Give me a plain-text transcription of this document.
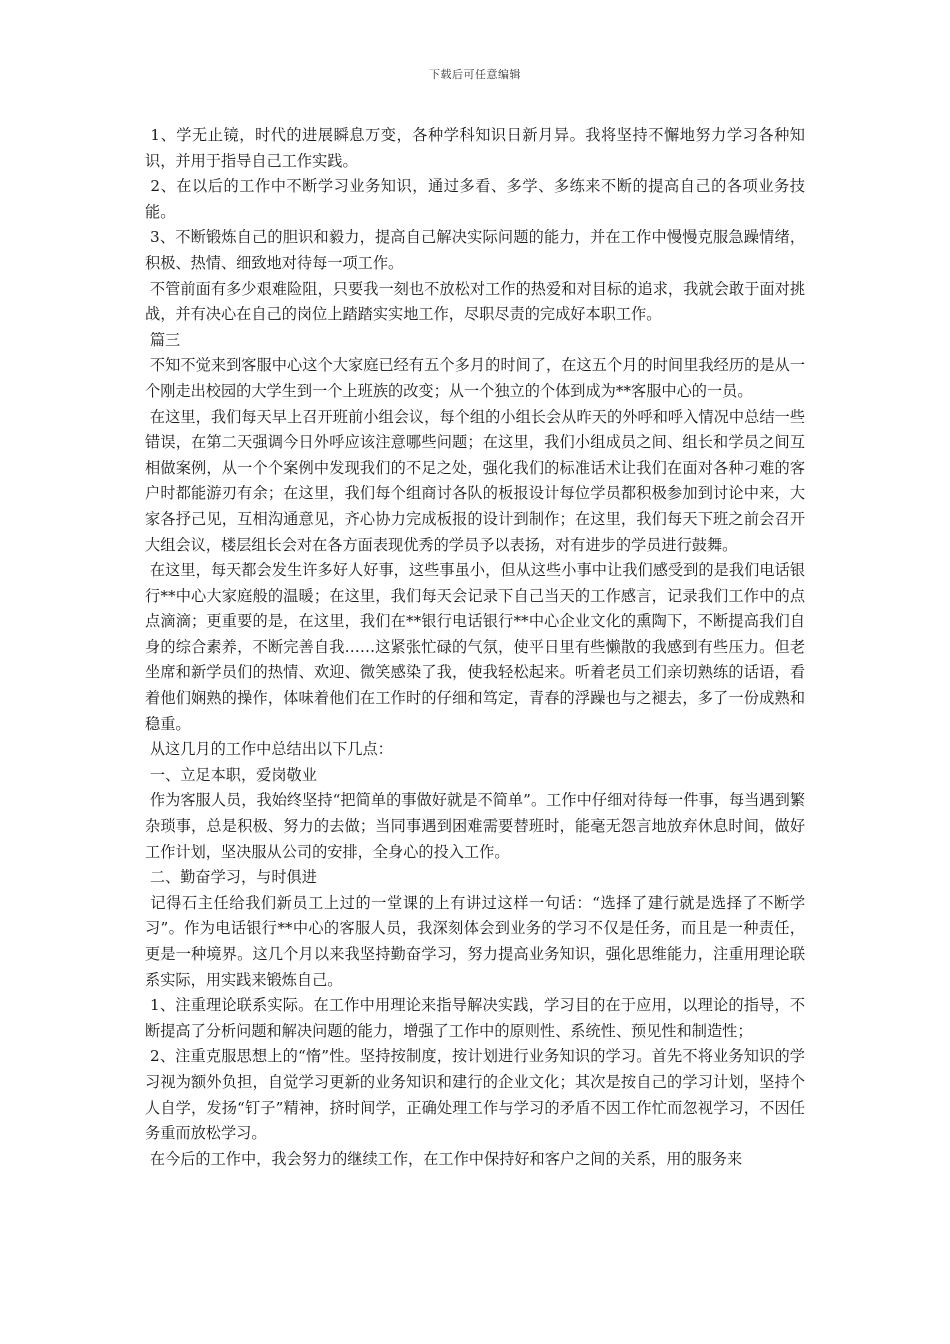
下载后可任意编辑

1、学无止镜，时代的进展瞬息万变，各种学科知识日新月异。我将坚持不懈地努力学习各种知识，并用于指导自己工作实践。

2、在以后的工作中不断学习业务知识，通过多看、多学、多练来不断的提高自己的各项业务技能。

3、不断锻炼自己的胆识和毅力，提高自己解决实际问题的能力，并在工作中慢慢克服急躁情绪，积极、热情、细致地对待每一项工作。

不管前面有多少艰难险阻，只要我一刻也不放松对工作的热爱和对目标的追求，我就会敢于面对挑战，并有决心在自己的岗位上踏踏实实地工作，尽职尽责的完成好本职工作。

篇三

不知不觉来到客服中心这个大家庭已经有五个多月的时间了，在这五个月的时间里我经历的是从一个刚走出校园的大学生到一个上班族的改变；从一个独立的个体到成为**客服中心的一员。

在这里，我们每天早上召开班前小组会议，每个组的小组长会从昨天的外呼和呼入情况中总结一些错误，在第二天强调今日外呼应该注意哪些问题；在这里，我们小组成员之间、组长和学员之间互相做案例，从一个个案例中发现我们的不足之处，强化我们的标准话术让我们在面对各种刁难的客户时都能游刃有余；在这里，我们每个组商讨各队的板报设计每位学员都积极参加到讨论中来，大家各抒己见，互相沟通意见，齐心协力完成板报的设计到制作；在这里，我们每天下班之前会召开大组会议，楼层组长会对在各方面表现优秀的学员予以表扬，对有进步的学员进行鼓舞。

在这里，每天都会发生许多好人好事，这些事虽小，但从这些小事中让我们感受到的是我们电话银行**中心大家庭般的温暖；在这里，我们每天会记录下自己当天的工作感言，记录我们工作中的点点滴滴；更重要的是，在这里，我们在**银行电话银行**中心企业文化的熏陶下，不断提高我们自身的综合素养，不断完善自我……这紧张忙碌的气氛，使平日里有些懒散的我感到有些压力。但老坐席和新学员们的热情、欢迎、微笑感染了我，使我轻松起来。听着老员工们亲切熟练的话语，看着他们娴熟的操作，体味着他们在工作时的仔细和笃定，青春的浮躁也与之褪去，多了一份成熟和稳重。

从这几月的工作中总结出以下几点：

一、立足本职，爱岗敬业

作为客服人员，我始终坚持“把简单的事做好就是不简单”。工作中仔细对待每一件事，每当遇到繁杂琐事，总是积极、努力的去做；当同事遇到困难需要替班时，能毫无怨言地放弃休息时间，做好工作计划，坚决服从公司的安排，全身心的投入工作。

二、勤奋学习，与时俱进

记得石主任给我们新员工上过的一堂课的上有讲过这样一句话：“选择了建行就是选择了不断学习”。作为电话银行**中心的客服人员，我深刻体会到业务的学习不仅是任务，而且是一种责任，更是一种境界。这几个月以来我坚持勤奋学习，努力提高业务知识，强化思维能力，注重用理论联系实际，用实践来锻炼自己。

1、注重理论联系实际。在工作中用理论来指导解决实践，学习目的在于应用，以理论的指导，不断提高了分析问题和解决问题的能力，增强了工作中的原则性、系统性、预见性和制造性；

2、注重克服思想上的“惰”性。坚持按制度，按计划进行业务知识的学习。首先不将业务知识的学习视为额外负担，自觉学习更新的业务知识和建行的企业文化；其次是按自己的学习计划，坚持个人自学，发扬“钉子”精神，挤时间学，正确处理工作与学习的矛盾不因工作忙而忽视学习，不因任务重而放松学习。

在今后的工作中，我会努力的继续工作，在工作中保持好和客户之间的关系，用的服务来
